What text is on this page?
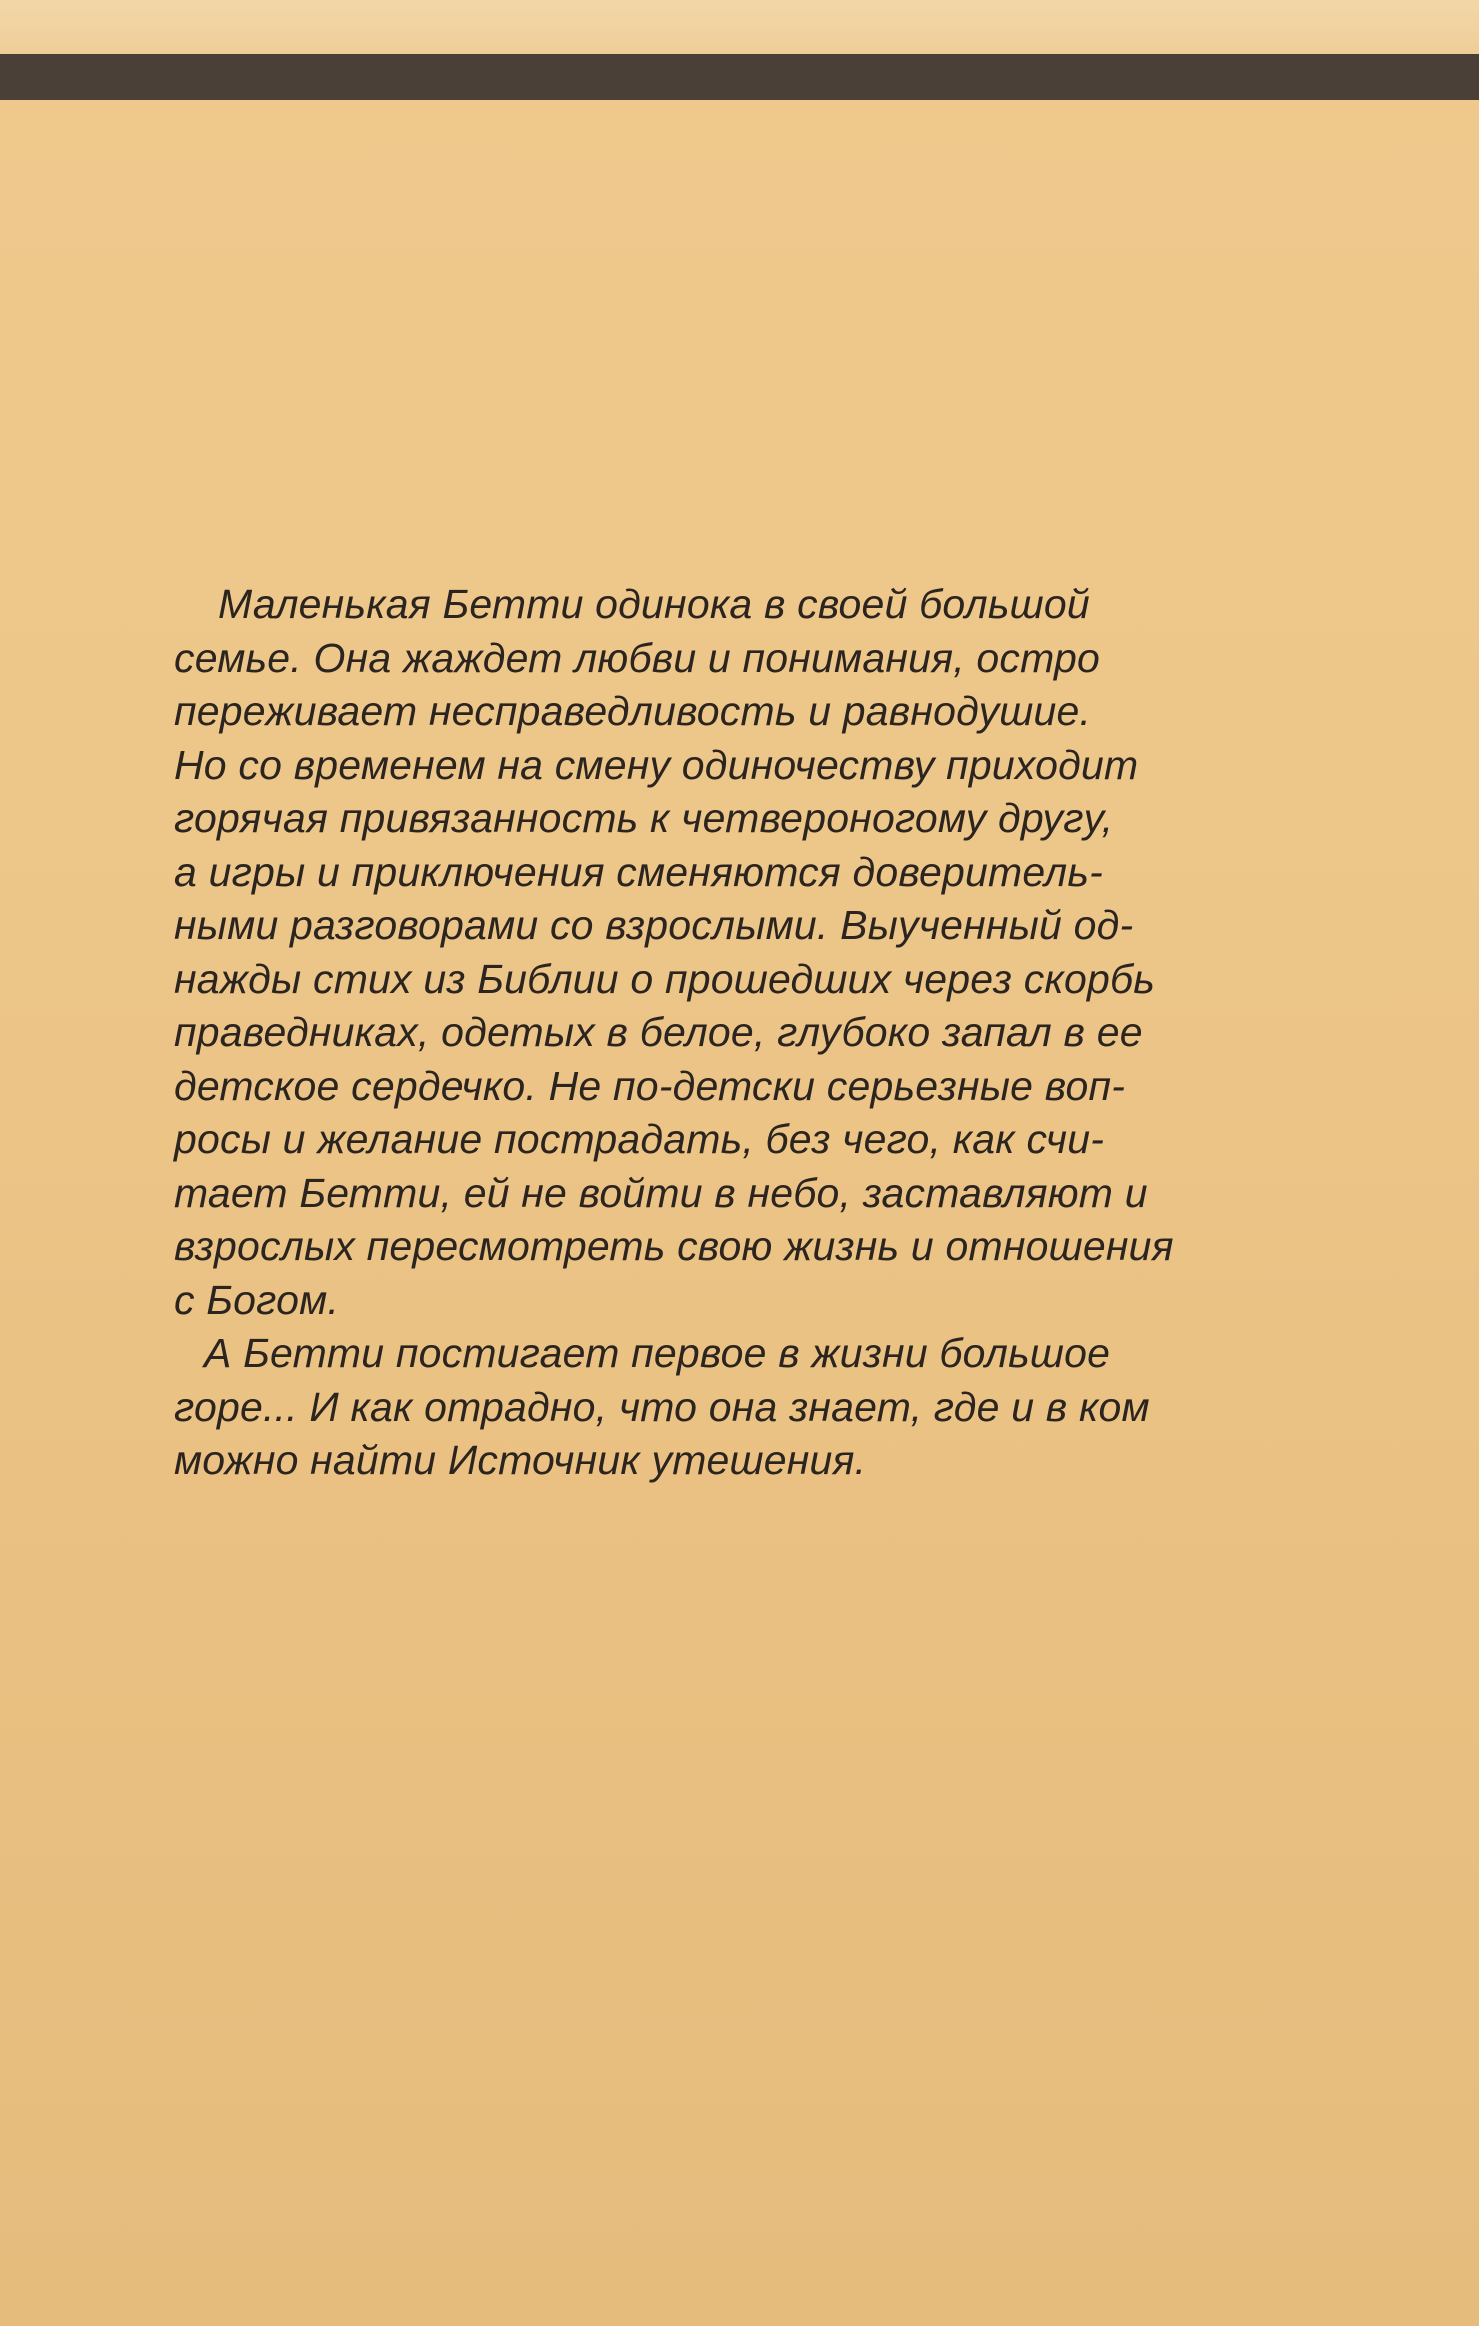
Маленькая Бетти одинока в своей большой
семье. Она жаждет любви и понимания, остро
переживает несправедливость и равнодушие.
Но со временем на смену одиночеству приходит
горячая привязанность к четвероногому другу,
а игры и приключения сменяются доверитель-
ными разговорами со взрослыми. Выученный од-
нажды стих из Библии о прошедших через скорбь
праведниках, одетых в белое, глубоко запал в ее
детское сердечко. Не по-детски серьезные воп-
росы и желание пострадать, без чего, как счи-
тает Бетти, ей не войти в небо, заставляют и
взрослых пересмотреть свою жизнь и отношения
с Богом.
А Бетти постигает первое в жизни большое
горе... И как отрадно, что она знает, где и в ком
можно найти Источник утешения.
